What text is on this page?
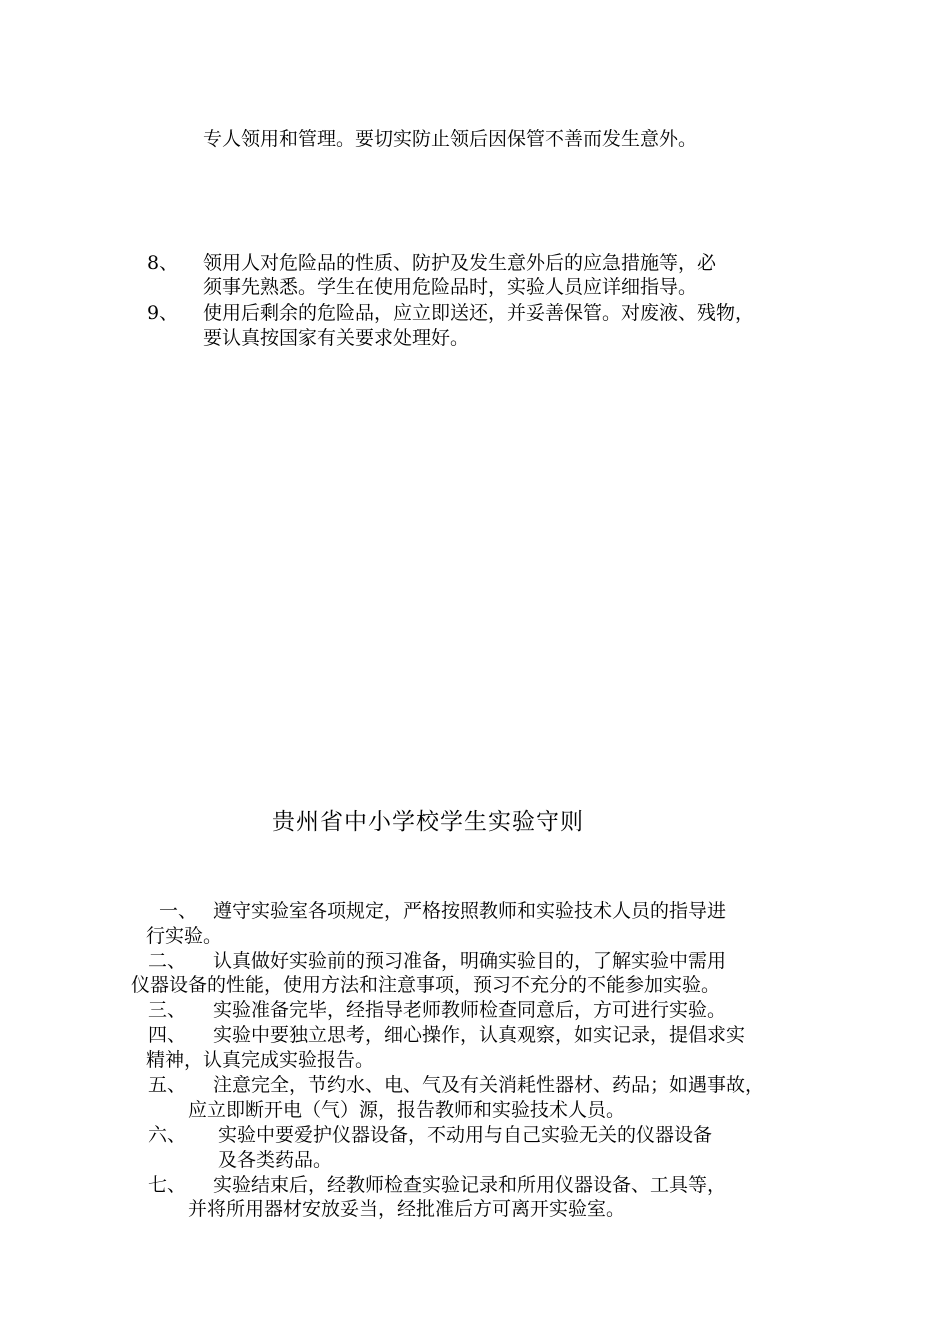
专人领用和管理。要切实防止领后因保管不善而发生意外。
8、 领用人对危险品的性质、防护及发生意外后的应急措施等，必
须事先熟悉。学生在使用危险品时，实验人员应详细指导。
9、 使用后剩余的危险品，应立即送还，并妥善保管。对废液、残物，
要认真按国家有关要求处理好。
贵州省中小学校学生实验守则
一、 遵守实验室各项规定，严格按照教师和实验技术人员的指导进
行实验。
二、 认真做好实验前的预习准备，明确实验目的，了解实验中需用
仪器设备的性能，使用方法和注意事项，预习不充分的不能参加实验。
三、 实验准备完毕，经指导老师教师检查同意后，方可进行实验。
四、 实验中要独立思考，细心操作，认真观察，如实记录，提倡求实
精神，认真完成实验报告。
五、 注意完全，节约水、电、气及有关消耗性器材、药品；如遇事故，
应立即断开电（气）源，报告教师和实验技术人员。
六、 实验中要爱护仪器设备，不动用与自己实验无关的仪器设备
及各类药品。
七、 实验结束后，经教师检查实验记录和所用仪器设备、工具等，
并将所用器材安放妥当，经批准后方可离开实验室。
